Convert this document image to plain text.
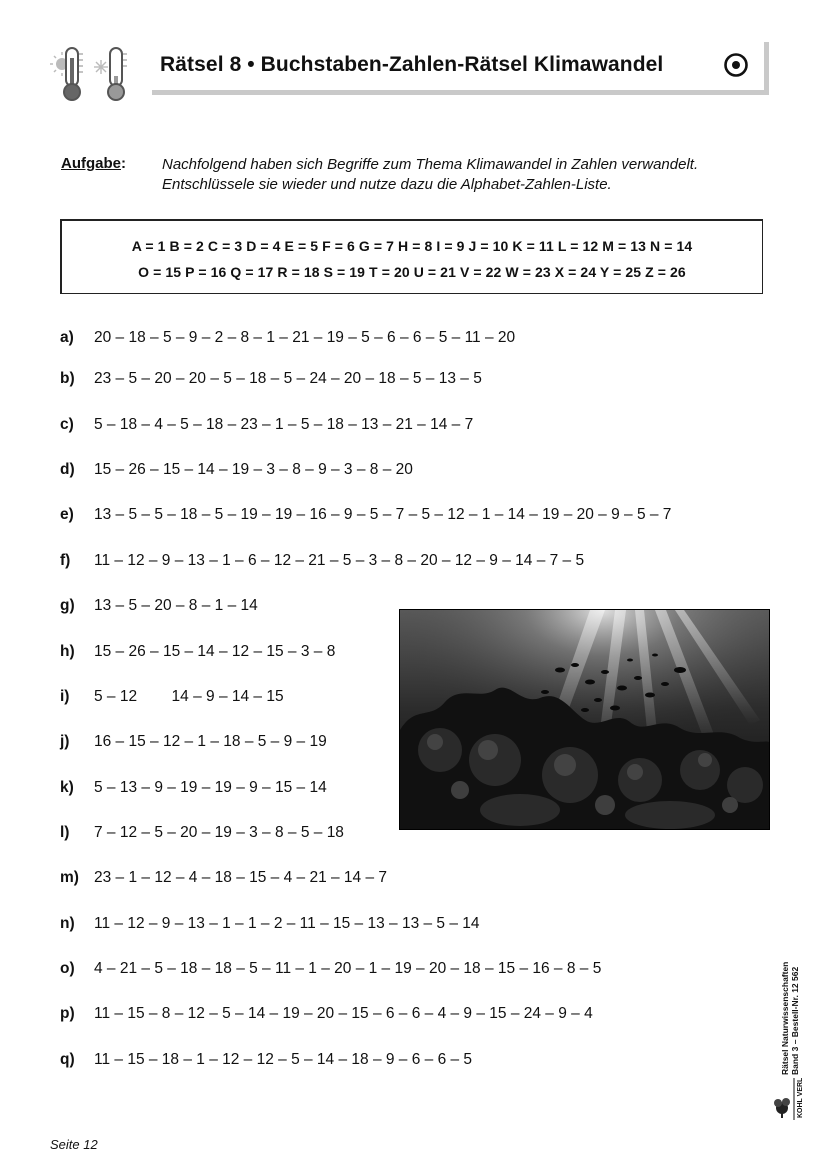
Rätsel 8 • Buchstaben-Zahlen-Rätsel Klimawandel
Aufgabe: Nachfolgend haben sich Begriffe zum Thema Klimawandel in Zahlen verwandelt.
Entschlüssele sie wieder und nutze dazu die Alphabet-Zahlen-Liste.
A = 1 B = 2 C = 3 D = 4 E = 5 F = 6 G = 7 H = 8 I = 9 J = 10 K = 11 L = 12 M = 13 N = 14
O = 15 P = 16 Q = 17 R = 18 S = 19 T = 20 U = 21 V = 22 W = 23 X = 24 Y = 25 Z = 26
a) 20 – 18 – 5 – 9 – 2 – 8 – 1 – 21 – 19 – 5 – 6 – 6 – 5 – 11 – 20
b) 23 – 5 – 20 – 20 – 5 – 18 – 5 – 24 – 20 – 18 – 5 – 13 – 5
c) 5 – 18 – 4 – 5 – 18 – 23 – 1 – 5 – 18 – 13 – 21 – 14 – 7
d) 15 – 26 – 15 – 14 – 19 – 3 – 8 – 9 – 3 – 8 – 20
e) 13 – 5 – 5 – 18 – 5 – 19 – 19 – 16 – 9 – 5 – 7 – 5 – 12 – 1 – 14 – 19 – 20 – 9 – 5 – 7
f) 11 – 12 – 9 – 13 – 1 – 6 – 12 – 21 – 5 – 3 – 8 – 20 – 12 – 9 – 14 – 7 – 5
g) 13 – 5 – 20 – 8 – 1 – 14
h) 15 – 26 – 15 – 14 – 12 – 15 – 3 – 8
i) 5 – 12        14 – 9 – 14 – 15
j) 16 – 15 – 12 – 1 – 18 – 5 – 9 – 19
k) 5 – 13 – 9 – 19 – 19 – 9 – 15 – 14
l) 7 – 12 – 5 – 20 – 19 – 3 – 8 – 5 – 18
m) 23 – 1 – 12 – 4 – 18 – 15 – 4 – 21 – 14 – 7
n) 11 – 12 – 9 – 13 – 1 – 1 – 2 – 11 – 15 – 13 – 13 – 5 – 14
o) 4 – 21 – 5 – 18 – 18 – 5 – 11 – 1 – 20 – 1 – 19 – 20 – 18 – 15 – 16 – 8 – 5
p) 11 – 15 – 8 – 12 – 5 – 14 – 19 – 20 – 15 – 6 – 6 – 4 – 9 – 15 – 24 – 9 – 4
q) 11 – 15 – 18 – 1 – 12 – 12 – 5 – 14 – 18 – 9 – 6 – 6 – 5	Rätsel Naturwissenschaften Band 3 – Bestell-Nr. 12 562
KOHL VERLAG
Seite 12
